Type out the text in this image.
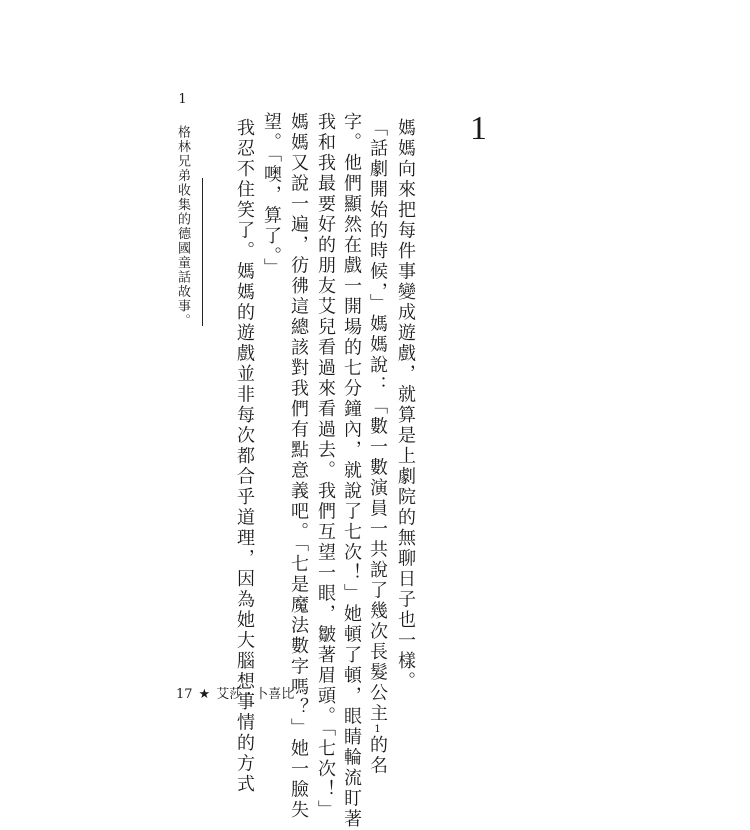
1
媽媽向來把每件事變成遊戲，就算是上劇院的無聊日子也一樣。
「話劇開始的時候，」媽媽說：「數一數演員一共說了幾次長髮公主1的名
字。他們顯然在戲一開場的七分鐘內，就說了七次！」她頓了頓，眼睛輪流盯著
我和我最要好的朋友艾兒看過來看過去。我們互望一眼，皺著眉頭。「七次！」
媽媽又說一遍，彷彿這總該對我們有點意義吧。「七是魔法數字嗎？」她一臉失
望。「噢，算了。」
我忍不住笑了。媽媽的遊戲並非每次都合乎道理，因為她大腦想事情的方式
1 格林兄弟收集的德國童話故事。
17 ★ 艾莎・卜喜比
